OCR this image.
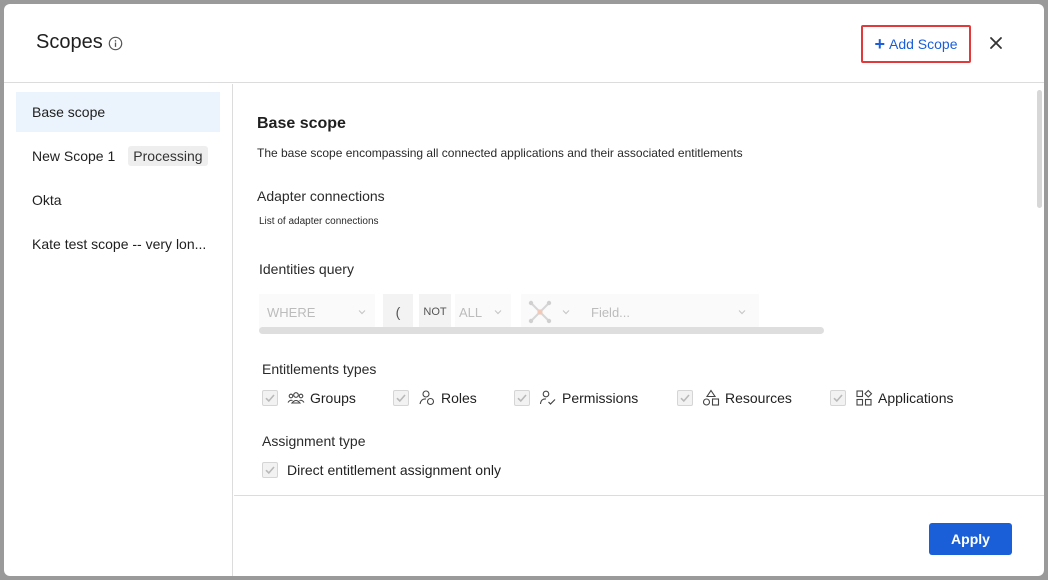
Scopes	+ Add Scope
Base scope
New Scope 1	Processing
Okta
Kate test scope -- very lon...
Base scope
The base scope encompassing all connected applications and their associated entitlements
Adapter connections
List of adapter connections
Identities query
WHERE	(	NOT ALL	Field...
Entitlements types
Groups	Roles	Permissions	Resources	Applications
Assignment type
Direct entitlement assignment only
Apply
